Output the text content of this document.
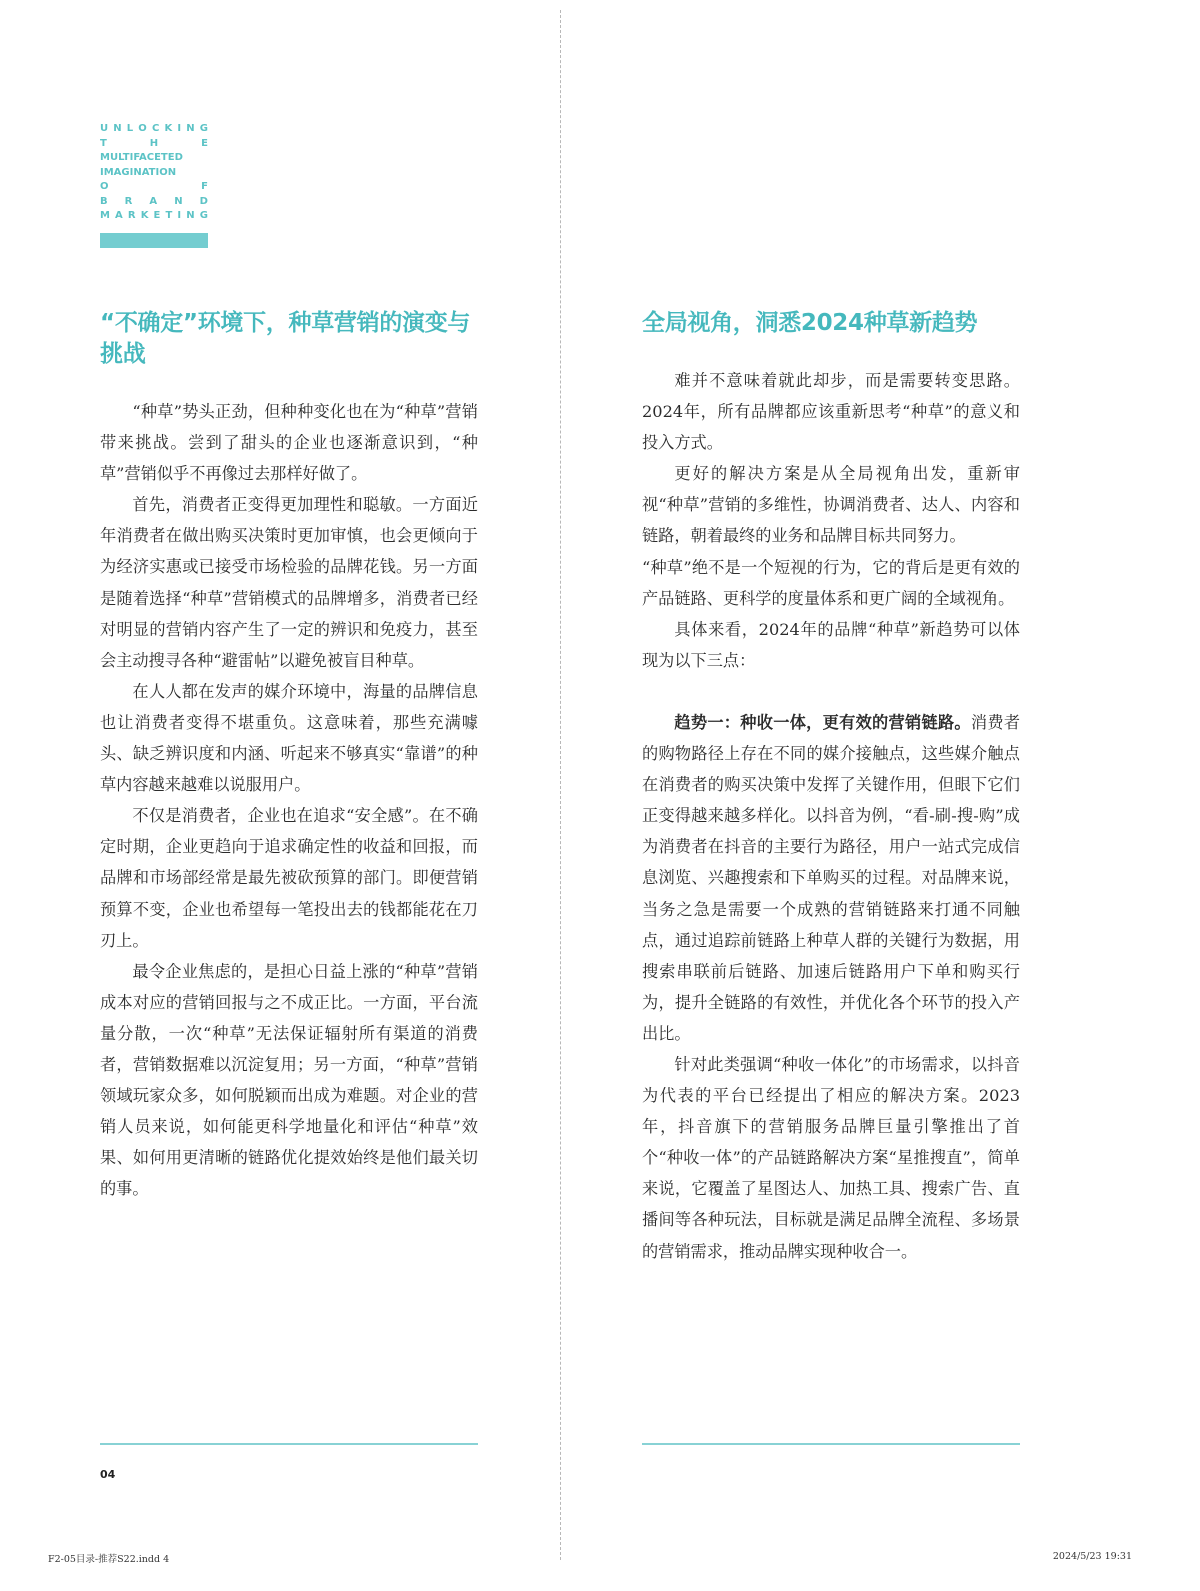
U N L O C K I N G
T	H	E
MULTIFACETED
IMAGINATION
O	F
B R A N D
M A R K E T I N G
“不确定”环境下，种草营销的演变与挑战

“种草”势头正劲，但种种变化也在为“种草”营销带来挑战。尝到了甜头的企业也逐渐意识到，“种草”营销似乎不再像过去那样好做了。

首先，消费者正变得更加理性和聪敏。一方面近年消费者在做出购买决策时更加审慎，也会更倾向于为经济实惠或已接受市场检验的品牌花钱。另一方面是随着选择“种草”营销模式的品牌增多，消费者已经对明显的营销内容产生了一定的辨识和免疫力，甚至会主动搜寻各种“避雷帖”以避免被盲目种草。

在人人都在发声的媒介环境中，海量的品牌信息也让消费者变得不堪重负。这意味着，那些充满噱头、缺乏辨识度和内涵、听起来不够真实“靠谱”的种草内容越来越难以说服用户。

不仅是消费者，企业也在追求“安全感”。在不确定时期，企业更趋向于追求确定性的收益和回报，而品牌和市场部经常是最先被砍预算的部门。即便营销预算不变，企业也希望每一笔投出去的钱都能花在刀刃上。

最令企业焦虑的，是担心日益上涨的“种草”营销成本对应的营销回报与之不成正比。一方面，平台流量分散，一次“种草”无法保证辐射所有渠道的消费者，营销数据难以沉淀复用；另一方面，“种草”营销领域玩家众多，如何脱颖而出成为难题。对企业的营销人员来说，如何能更科学地量化和评估“种草”效果、如何用更清晰的链路优化提效始终是他们最关切的事。

全局视角，洞悉2024种草新趋势

难并不意味着就此却步，而是需要转变思路。2024年，所有品牌都应该重新思考“种草”的意义和投入方式。

更好的解决方案是从全局视角出发，重新审视“种草”营销的多维性，协调消费者、达人、内容和链路，朝着最终的业务和品牌目标共同努力。

“种草”绝不是一个短视的行为，它的背后是更有效的产品链路、更科学的度量体系和更广阔的全域视角。

具体来看，2024年的品牌“种草”新趋势可以体现为以下三点：

趋势一：种收一体，更有效的营销链路。消费者的购物路径上存在不同的媒介接触点，这些媒介触点在消费者的购买决策中发挥了关键作用，但眼下它们正变得越来越多样化。以抖音为例，“看-刷-搜-购”成为消费者在抖音的主要行为路径，用户一站式完成信息浏览、兴趣搜索和下单购买的过程。对品牌来说，当务之急是需要一个成熟的营销链路来打通不同触点，通过追踪前链路上种草人群的关键行为数据，用搜索串联前后链路、加速后链路用户下单和购买行为，提升全链路的有效性，并优化各个环节的投入产出比。

针对此类强调“种收一体化”的市场需求，以抖音为代表的平台已经提出了相应的解决方案。2023年，抖音旗下的营销服务品牌巨量引擎推出了首个“种收一体”的产品链路解决方案“星推搜直”，简单来说，它覆盖了星图达人、加热工具、搜索广告、直播间等各种玩法，目标就是满足品牌全流程、多场景的营销需求，推动品牌实现种收合一。

04
F2-05目录-推荐S22.indd 4	2024/5/23 19:31
